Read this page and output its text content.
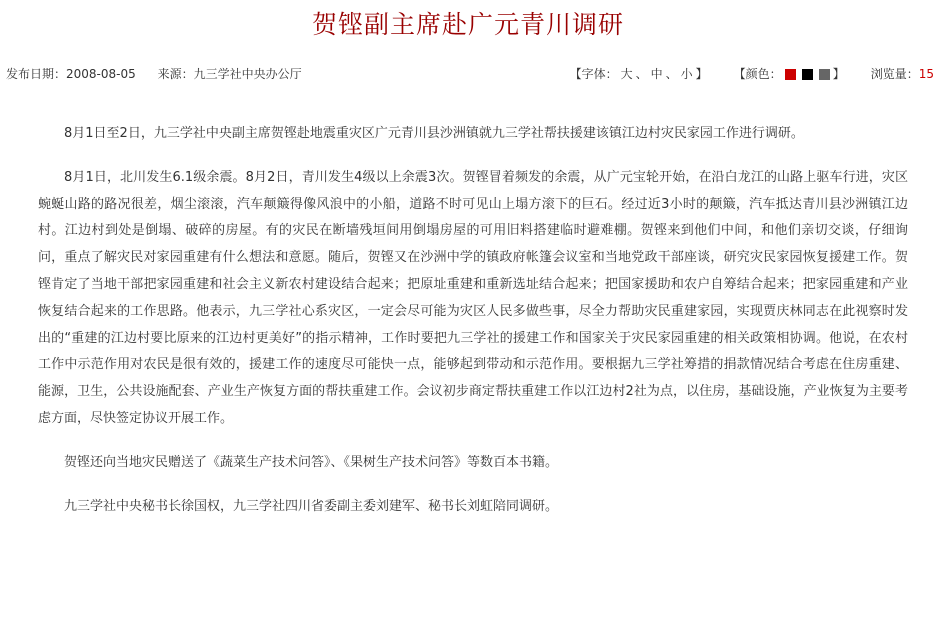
贺铿副主席赴广元青川调研
发布日期：2008-08-05 来源：九三学社中央办公厅	【字体： 大 、 中 、 小 】 【颜色：	】 浏览量：15

8月1日至2日，九三学社中央副主席贺铿赴地震重灾区广元青川县沙洲镇就九三学社帮扶援建该镇江边村灾民家园工作进行调研。

8月1日，北川发生6.1级余震。8月2日，青川发生4级以上余震3次。贺铿冒着频发的余震，从广元宝轮开始，在沿白龙江的山路上驱车行进，灾区蜿蜒山路的路况很差，烟尘滚滚，汽车颠簸得像风浪中的小船，道路不时可见山上塌方滚下的巨石。经过近3小时的颠簸，汽车抵达青川县沙洲镇江边村。江边村到处是倒塌、破碎的房屋。有的灾民在断墙残垣间用倒塌房屋的可用旧料搭建临时避难棚。贺铿来到他们中间，和他们亲切交谈，仔细询问，重点了解灾民对家园重建有什么想法和意愿。随后，贺铿又在沙洲中学的镇政府帐篷会议室和当地党政干部座谈，研究灾民家园恢复援建工作。贺铿肯定了当地干部把家园重建和社会主义新农村建设结合起来；把原址重建和重新选址结合起来；把国家援助和农户自筹结合起来；把家园重建和产业恢复结合起来的工作思路。他表示，九三学社心系灾区，一定会尽可能为灾区人民多做些事，尽全力帮助灾民重建家园，实现贾庆林同志在此视察时发出的“重建的江边村要比原来的江边村更美好”的指示精神，工作时要把九三学社的援建工作和国家关于灾民家园重建的相关政策相协调。他说，在农村工作中示范作用对农民是很有效的，援建工作的速度尽可能快一点，能够起到带动和示范作用。要根据九三学社筹措的捐款情况结合考虑在住房重建、能源，卫生，公共设施配套、产业生产恢复方面的帮扶重建工作。会议初步商定帮扶重建工作以江边村2社为点，以住房，基础设施，产业恢复为主要考虑方面，尽快签定协议开展工作。

贺铿还向当地灾民赠送了《蔬菜生产技术问答》、《果树生产技术问答》等数百本书籍。

九三学社中央秘书长徐国权，九三学社四川省委副主委刘建军、秘书长刘虹陪同调研。
